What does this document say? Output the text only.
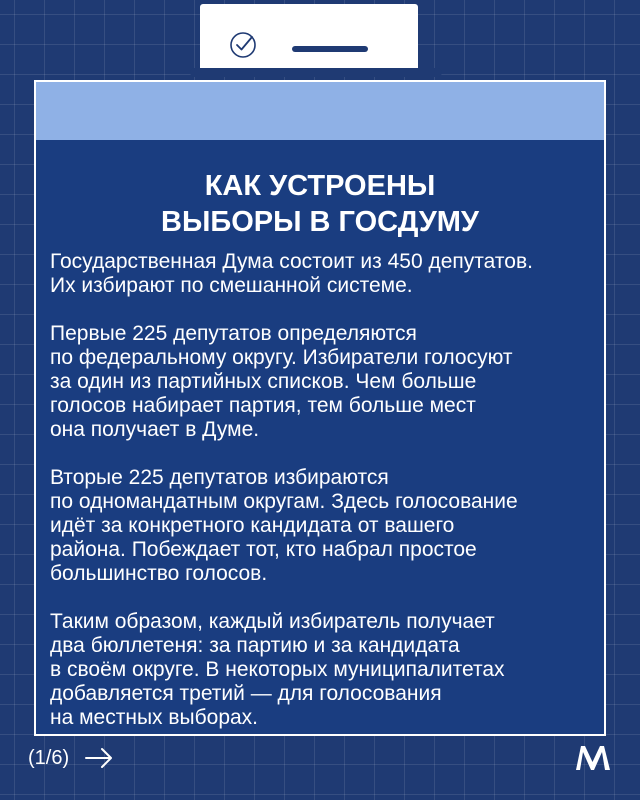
КАК УСТРОЕНЫ
ВЫБОРЫ В ГОСДУМУ

Государственная Дума состоит из 450 депутатов.
Их избирают по смешанной системе.

Первые 225 депутатов определяются
по федеральному округу. Избиратели голосуют
за один из партийных списков. Чем больше
голосов набирает партия, тем больше мест
она получает в Думе.

Вторые 225 депутатов избираются
по одномандатным округам. Здесь голосование
идёт за конкретного кандидата от вашего
района. Побеждает тот, кто набрал простое
большинство голосов.

Таким образом, каждый избиратель получает
два бюллетеня: за партию и за кандидата
в своём округе. В некоторых муниципалитетах
добавляется третий — для голосования
на местных выборах.

(1/6)
